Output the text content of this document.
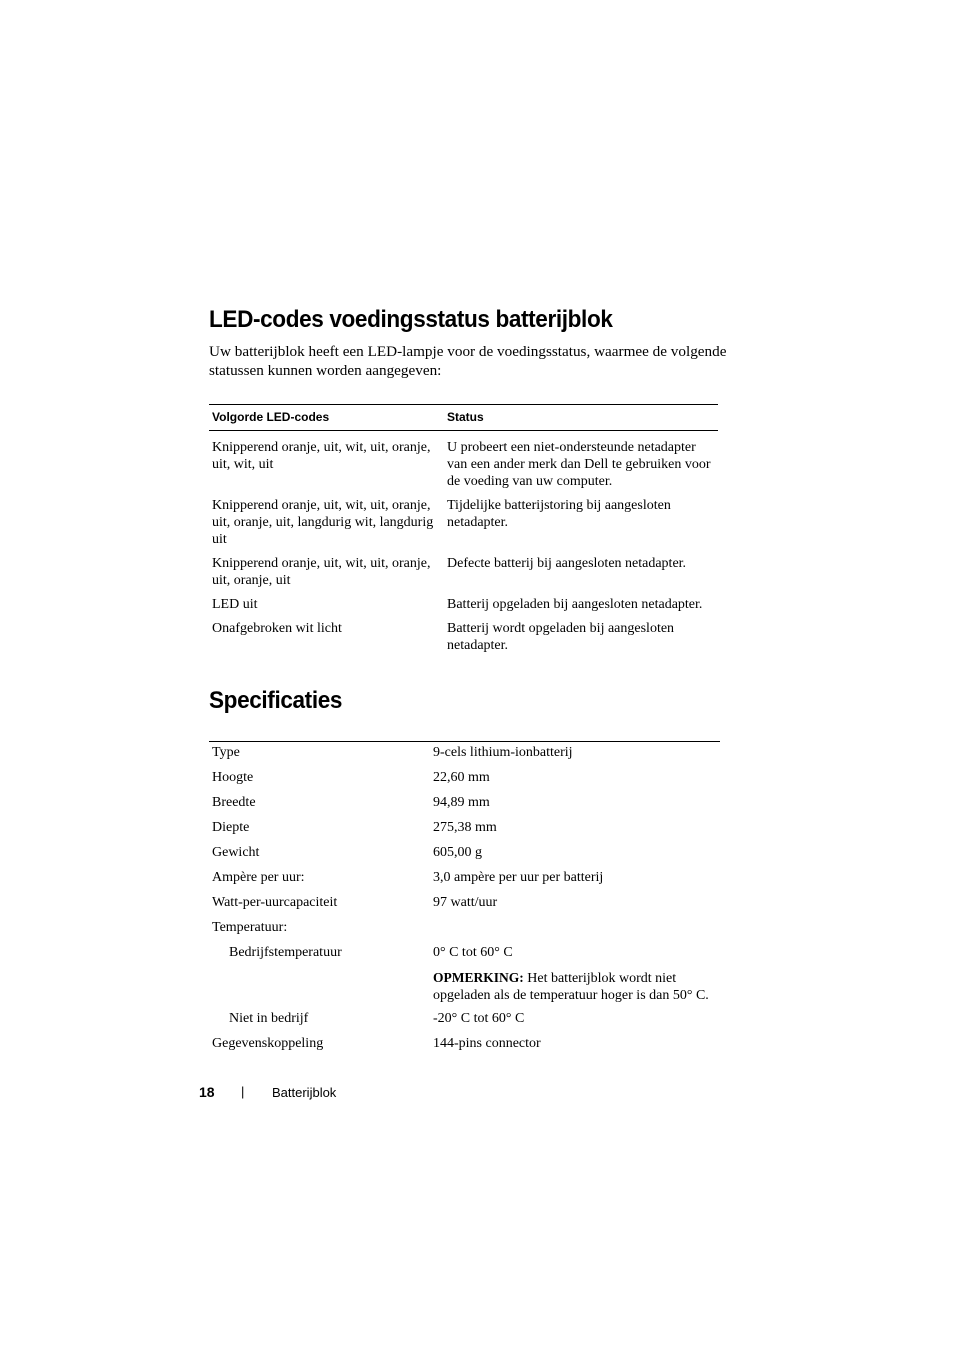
LED-codes voedingsstatus batterijblok

Uw batterijblok heeft een LED-lampje voor de voedingsstatus, waarmee de volgende statussen kunnen worden aangegeven:

Volgorde LED-codes	Status
Knipperend oranje, uit, wit, uit, oranje, uit, wit, uit	U probeert een niet-ondersteunde netadapter van een ander merk dan Dell te gebruiken voor de voeding van uw computer.
Knipperend oranje, uit, wit, uit, oranje, uit, oranje, uit, langdurig wit, langdurig uit	Tijdelijke batterijstoring bij aangesloten netadapter.
Knipperend oranje, uit, wit, uit, oranje, uit, oranje, uit	Defecte batterij bij aangesloten netadapter.
LED uit	Batterij opgeladen bij aangesloten netadapter.
Onafgebroken wit licht	Batterij wordt opgeladen bij aangesloten netadapter.
Specificaties
Type	9-cels lithium-ionbatterij
Hoogte	22,60 mm
Breedte	94,89 mm
Diepte	275,38 mm
Gewicht	605,00 g
Ampère per uur:	3,0 ampère per uur per batterij
Watt-per-uurcapaciteit	97 watt/uur
Temperatuur:	
Bedrijfstemperatuur	0° C tot 60° C
	OPMERKING: Het batterijblok wordt niet opgeladen als de temperatuur hoger is dan 50° C.
Niet in bedrijf	-20° C tot 60° C
Gegevenskoppeling	144-pins connector
18 | Batterijblok
